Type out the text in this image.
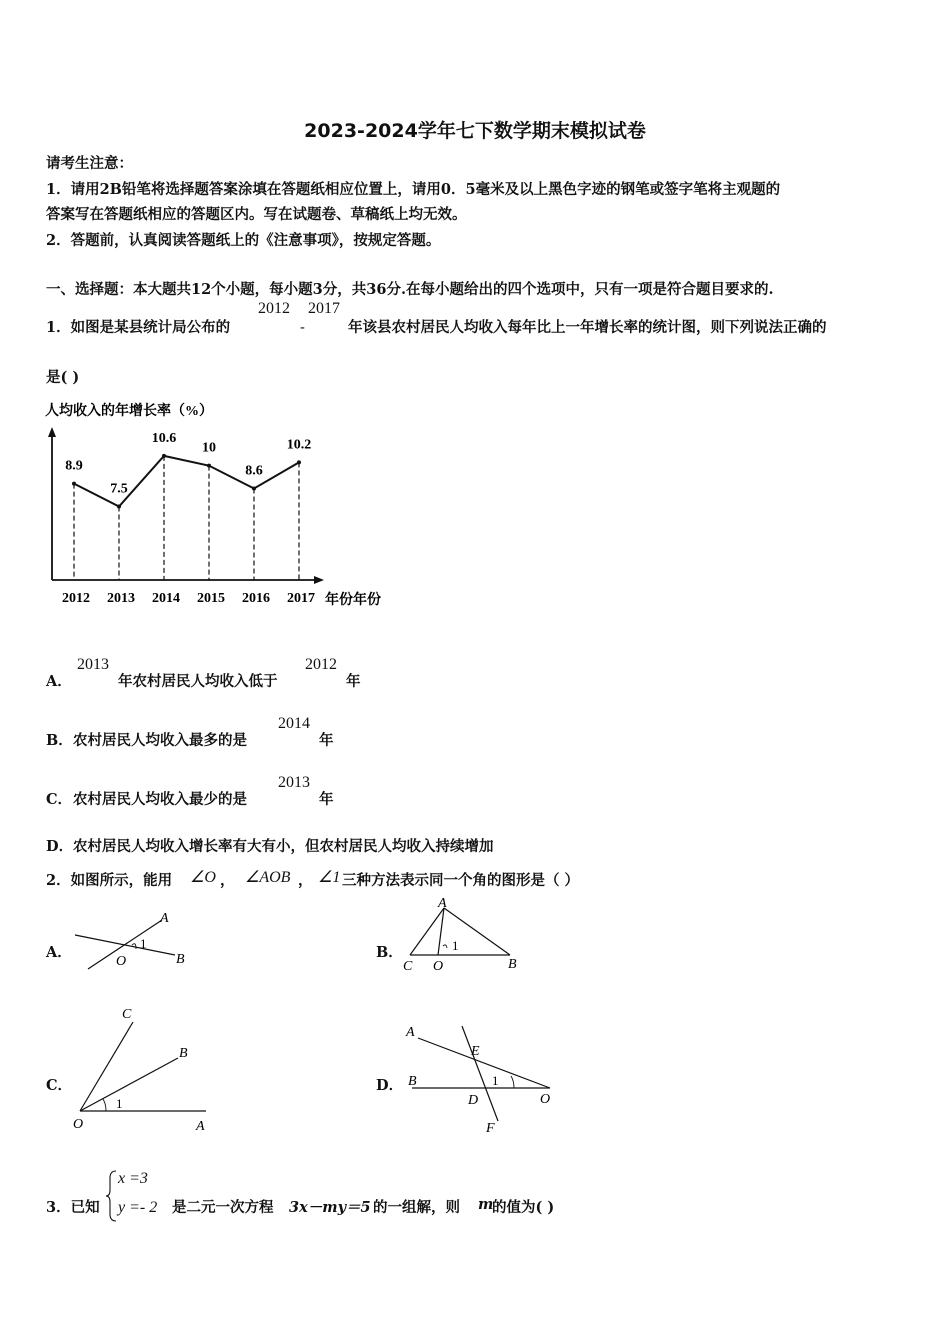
2023-2024学年七下数学期末模拟试卷
请考生注意：
1．请用2B铅笔将选择题答案涂填在答题纸相应位置上，请用0．5毫米及以上黑色字迹的钢笔或签字笔将主观题的
答案写在答题纸相应的答题区内。写在试题卷、草稿纸上均无效。
2．答题前，认真阅读答题纸上的《注意事项》，按规定答题。
一、选择题：本大题共12个小题，每小题3分，共36分.在每小题给出的四个选项中，只有一项是符合题目要求的.
1．如图是某县统计局公布的
2012
-
2017
年该县农村居民人均收入每年比上一年增长率的统计图，则下列说法正确的
是( )
人均收入的年增长率（%）
8.9
2012
7.5
2013
10.6
2014
10
2015
8.6
2016
10.2
2017 年份年份
A．
2013
年农村居民人均收入低于
2012
年
B． 农村居民人均收入最多的是
2014
年
C． 农村居民人均收入最少的是
2013
年
D． 农村居民人均收入增长率有大有小，但农村居民人均收入持续增加
2．如图所示，能用 ∠O ， ∠AOB ， ∠1 三种方法表示同一个角的图形是（ ）
A．
A
O
1
B	B．
A
1
C O	B
C．
C
B
1
O	A
D．
A
E
B	1
D	O
F
3．已知
x =3
y =- 2 是二元一次方程 3x－my＝5 的一组解，则 m
的值为( )
